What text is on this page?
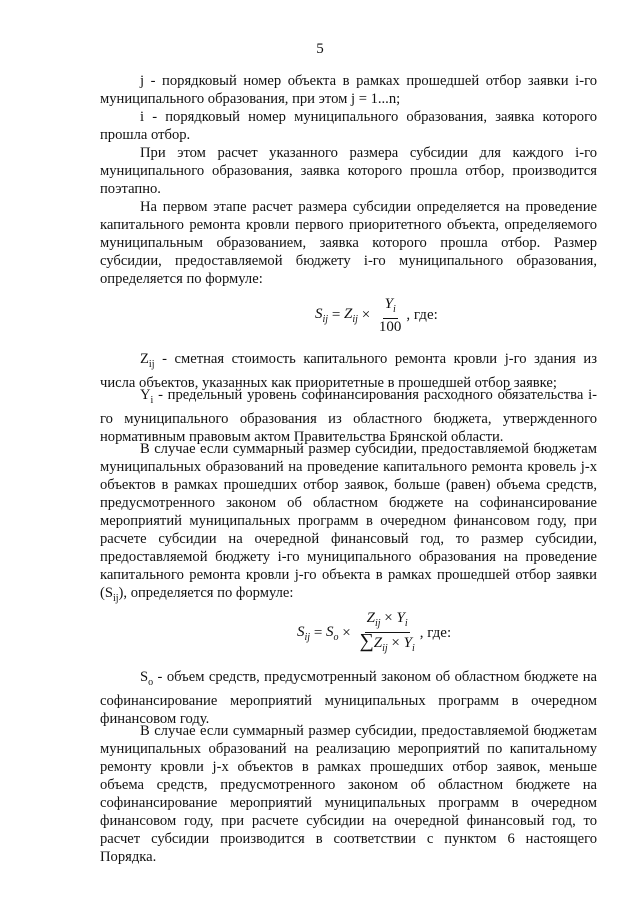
5

j - порядковый номер объекта в рамках прошедшей отбор заявки i-го муниципального образования, при этом j = 1...n;

i - порядковый номер муниципального образования, заявка которого прошла отбор.

При этом расчет указанного размера субсидии для каждого i-го муниципального образования, заявка которого прошла отбор, производится поэтапно.

На первом этапе расчет размера субсидии определяется на проведение капитального ремонта кровли первого приоритетного объекта, определяемого муниципальным образованием, заявка которого прошла отбор. Размер субсидии, предоставляемой бюджету i-го муниципального образования, определяется по формуле:

$S_{ij} = Z_{ij} \times \frac{Y_i}{100}$ , где:

$Z_{ij}$ - сметная стоимость капитального ремонта кровли j-го здания из числа объектов, указанных как приоритетные в прошедшей отбор заявке;

$Y_i$ - предельный уровень софинансирования расходного обязательства i-го муниципального образования из областного бюджета, утвержденного нормативным правовым актом Правительства Брянской области.

В случае если суммарный размер субсидии, предоставляемой бюджетам муниципальных образований на проведение капитального ремонта кровель j-х объектов в рамках прошедших отбор заявок, больше (равен) объема средств, предусмотренного законом об областном бюджете на софинансирование мероприятий муниципальных программ в очередном финансовом году, при расчете субсидии на очередной финансовый год, то размер субсидии, предоставляемой бюджету i-го муниципального образования на проведение капитального ремонта кровли j-го объекта в рамках прошедшей отбор заявки $(S_{ij})$, определяется по формуле:

$S_{ij} = S_o \times \frac{Z_{ij} \times Y_i}{\sum Z_{ij} \times Y_i}$ , где:

$S_o$ - объем средств, предусмотренный законом об областном бюджете на софинансирование мероприятий муниципальных программ в очередном финансовом году.

В случае если суммарный размер субсидии, предоставляемой бюджетам муниципальных образований на реализацию мероприятий по капитальному ремонту кровли j-х объектов в рамках прошедших отбор заявок, меньше объема средств, предусмотренного законом об областном бюджете на софинансирование мероприятий муниципальных программ в очередном финансовом году, при расчете субсидии на очередной финансовый год, то расчет субсидии производится в соответствии с пунктом 6 настоящего Порядка.
